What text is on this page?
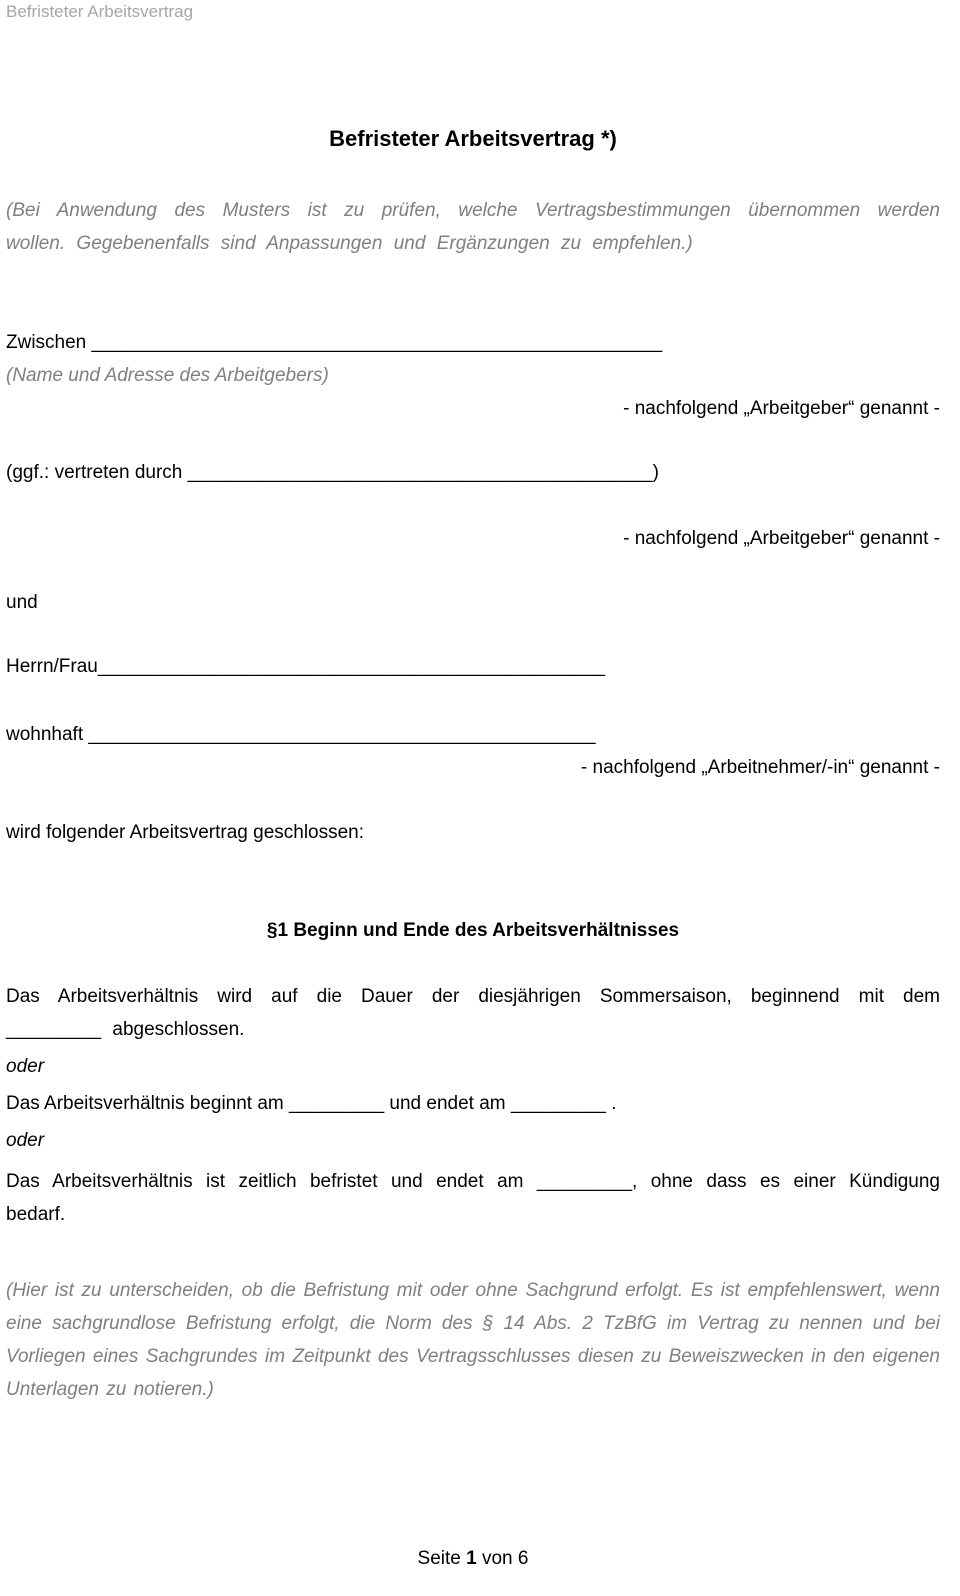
Befristeter Arbeitsvertrag
Befristeter Arbeitsvertrag *)

(Bei Anwendung des Musters ist zu prüfen, welche Vertragsbestimmungen übernommen werden wollen. Gegebenenfalls sind Anpassungen und Ergänzungen zu empfehlen.)

Zwischen ______________________________________________________

(Name und Adresse des Arbeitgebers)

- nachfolgend „Arbeitgeber“ genannt -

(ggf.: vertreten durch ____________________________________________)

- nachfolgend „Arbeitgeber“ genannt -

und

Herrn/Frau________________________________________________

wohnhaft ________________________________________________

- nachfolgend „Arbeitnehmer/-in“ genannt -

wird folgender Arbeitsvertrag geschlossen:

§1 Beginn und Ende des Arbeitsverhältnisses

Das Arbeitsverhältnis wird auf die Dauer der diesjährigen Sommersaison, beginnend mit dem _________ abgeschlossen.

oder

Das Arbeitsverhältnis beginnt am _________ und endet am _________ .

oder

Das Arbeitsverhältnis ist zeitlich befristet und endet am _________, ohne dass es einer Kündigung bedarf.

(Hier ist zu unterscheiden, ob die Befristung mit oder ohne Sachgrund erfolgt. Es ist empfehlenswert, wenn eine sachgrundlose Befristung erfolgt, die Norm des § 14 Abs. 2 TzBfG im Vertrag zu nennen und bei Vorliegen eines Sachgrundes im Zeitpunkt des Vertragsschlusses diesen zu Beweiszwecken in den eigenen Unterlagen zu notieren.)

Seite 1 von 6
